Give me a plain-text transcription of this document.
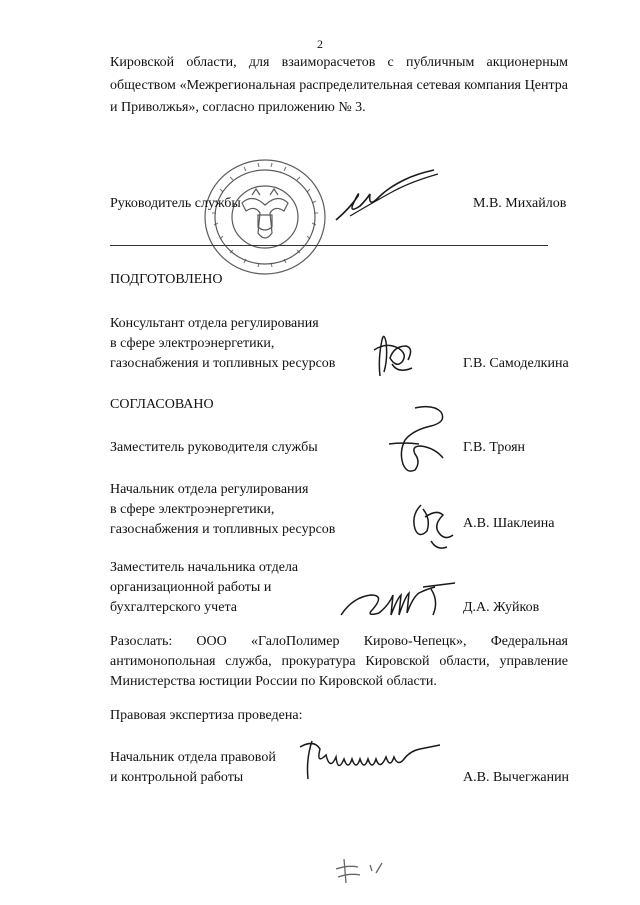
2
Кировской области, для взаиморасчетов с публичным акционерным обществом «Межрегиональная распределительная сетевая компания Центра и Приволжья», согласно приложению № 3.
Руководитель службы	М.В. Михайлов
ПОДГОТОВЛЕНО
Консультант отдела регулирования
в сфере электроэнергетики,
газоснабжения и топливных ресурсов	Г.В. Самоделкина
СОГЛАСОВАНО
Заместитель руководителя службы	Г.В. Троян
Начальник отдела регулирования
в сфере электроэнергетики,
газоснабжения и топливных ресурсов	А.В. Шаклеина
Заместитель начальника отдела
организационной работы и
бухгалтерского учета	Д.А. Жуйков
Разослать: ООО «ГалоПолимер Кирово-Чепецк», Федеральная антимонопольная служба, прокуратура Кировской области, управление Министерства юстиции России по Кировской области.
Правовая экспертиза проведена:
Начальник отдела правовой
и контрольной работы	А.В. Вычегжанин
